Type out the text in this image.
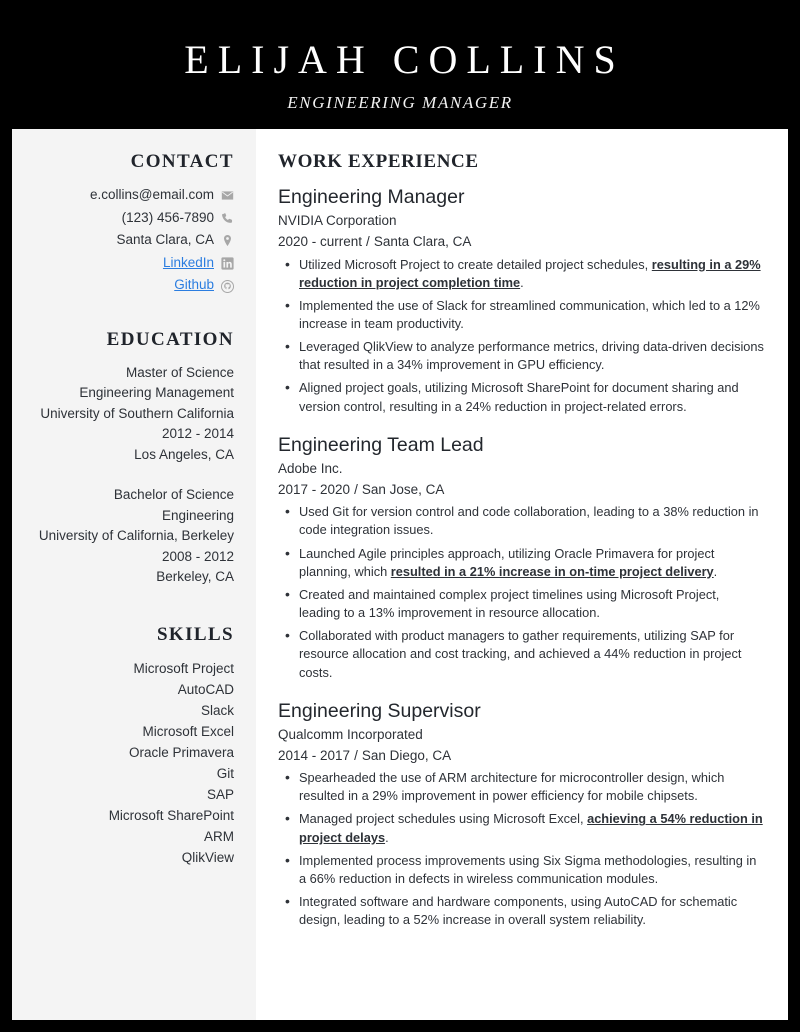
ELIJAH COLLINS
ENGINEERING MANAGER
CONTACT
e.collins@email.com
(123) 456-7890
Santa Clara, CA
LinkedIn
Github
EDUCATION
Master of Science
Engineering Management
University of Southern California
2012 - 2014
Los Angeles, CA
Bachelor of Science
Engineering
University of California, Berkeley
2008 - 2012
Berkeley, CA
SKILLS
Microsoft Project
AutoCAD
Slack
Microsoft Excel
Oracle Primavera
Git
SAP
Microsoft SharePoint
ARM
QlikView
WORK EXPERIENCE
Engineering Manager
NVIDIA Corporation
2020 - current / Santa Clara, CA
• Utilized Microsoft Project to create detailed project schedules, resulting in a 29% reduction in project completion time.
• Implemented the use of Slack for streamlined communication, which led to a 12% increase in team productivity.
• Leveraged QlikView to analyze performance metrics, driving data-driven decisions that resulted in a 34% improvement in GPU efficiency.
• Aligned project goals, utilizing Microsoft SharePoint for document sharing and version control, resulting in a 24% reduction in project-related errors.
Engineering Team Lead
Adobe Inc.
2017 - 2020 / San Jose, CA
• Used Git for version control and code collaboration, leading to a 38% reduction in code integration issues.
• Launched Agile principles approach, utilizing Oracle Primavera for project planning, which resulted in a 21% increase in on-time project delivery.
• Created and maintained complex project timelines using Microsoft Project, leading to a 13% improvement in resource allocation.
• Collaborated with product managers to gather requirements, utilizing SAP for resource allocation and cost tracking, and achieved a 44% reduction in project costs.
Engineering Supervisor
Qualcomm Incorporated
2014 - 2017 / San Diego, CA
• Spearheaded the use of ARM architecture for microcontroller design, which resulted in a 29% improvement in power efficiency for mobile chipsets.
• Managed project schedules using Microsoft Excel, achieving a 54% reduction in project delays.
• Implemented process improvements using Six Sigma methodologies, resulting in a 66% reduction in defects in wireless communication modules.
• Integrated software and hardware components, using AutoCAD for schematic design, leading to a 52% increase in overall system reliability.
